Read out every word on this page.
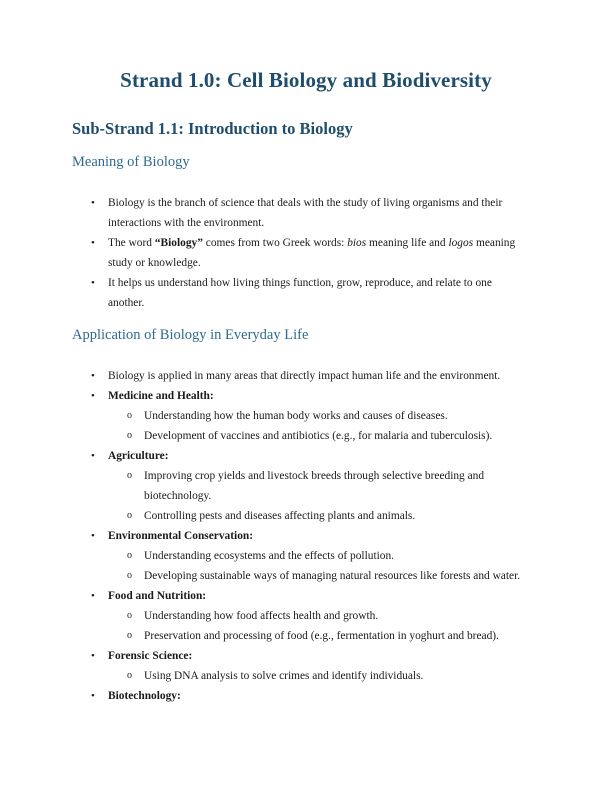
Strand 1.0: Cell Biology and Biodiversity
Sub-Strand 1.1: Introduction to Biology
Meaning of Biology
• Biology is the branch of science that deals with the study of living organisms and their interactions with the environment.
• The word “Biology” comes from two Greek words: bios meaning life and logos meaning study or knowledge.
• It helps us understand how living things function, grow, reproduce, and relate to one another.
Application of Biology in Everyday Life
• Biology is applied in many areas that directly impact human life and the environment.
• Medicine and Health:
o Understanding how the human body works and causes of diseases.
o Development of vaccines and antibiotics (e.g., for malaria and tuberculosis).
• Agriculture:
o Improving crop yields and livestock breeds through selective breeding and biotechnology.
o Controlling pests and diseases affecting plants and animals.
• Environmental Conservation:
o Understanding ecosystems and the effects of pollution.
o Developing sustainable ways of managing natural resources like forests and water.
• Food and Nutrition:
o Understanding how food affects health and growth.
o Preservation and processing of food (e.g., fermentation in yoghurt and bread).
• Forensic Science:
o Using DNA analysis to solve crimes and identify individuals.
• Biotechnology:
